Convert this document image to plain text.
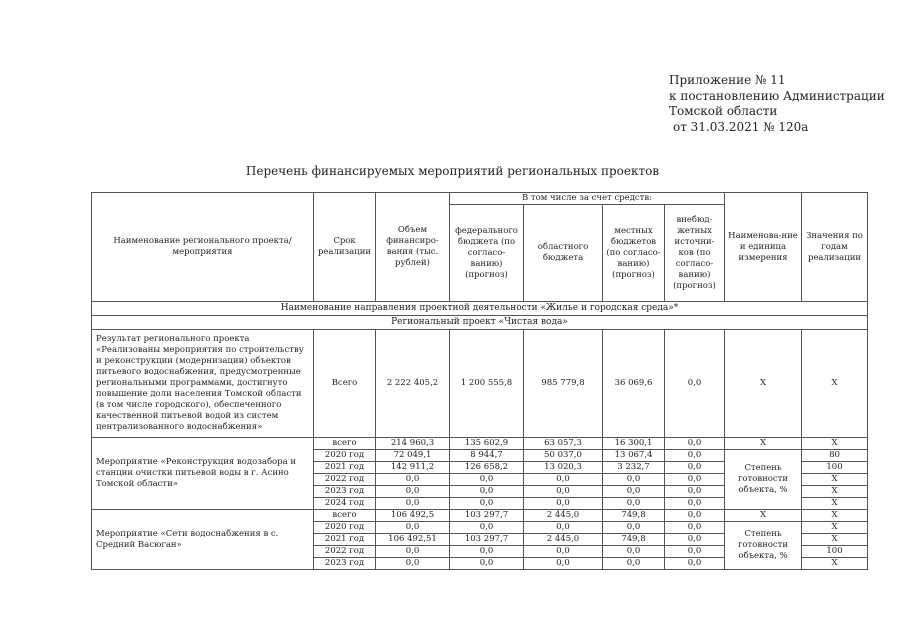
Приложение № 11
к постановлению Администрации
Томской области
от 31.03.2021 № 120а
Перечень финансируемых мероприятий региональных проектов
Наименование регионального проекта/ мероприятия	Срок реализации	Объем финансиро-вания (тыс. рублей)	В том числе за счет средств:				Наименова-ние и единица измерения	Значения по годам реализации
			федерального бюджета (по согласо-ванию) (прогноз)	областного бюджета	местных бюджетов (по согласо-ванию) (прогноз)	внебюд-жетных источни-ков (по согласо-ванию) (прогноз)		
Наименование направления проектной деятельности «Жилье и городская среда»*								
Региональный проект «Чистая вода»								
Результат регионального проекта «Реализованы мероприятия по строительству и реконструкции (модернизации) объектов питьевого водоснабжения, предусмотренные региональными программами, достигнуто повышение доли населения Томской области (в том числе городского), обеспеченного качественной питьевой водой из систем централизованного водоснабжения»	Всего	2 222 405,2	1 200 555,8	985 779,8	36 069,6	0,0	Х	Х
Мероприятие «Реконструкция водозабора и станции очистки питьевой воды в г. Асино Томской области»	всего	214 960,3	135 602,9	63 057,3	16 300,1	0,0	Х	Х
	2020 год	72 049,1	8 944,7	50 037,0	13 067,4	0,0	Степень готовности объекта, %	80
	2021 год	142 911,2	126 658,2	13 020,3	3 232,7	0,0		100
	2022 год	0,0	0,0	0,0	0,0	0,0		Х
	2023 год	0,0	0,0	0,0	0,0	0,0		Х
	2024 год	0,0	0,0	0,0	0,0	0,0		Х
Мероприятие «Сети водоснабжения в с. Средний Васюган»	всего	106 492,5	103 297,7	2 445,0	749,8	0,0	Х	Х
	2020 год	0,0	0,0	0,0	0,0	0,0	Степень готовности объекта, %	Х
	2021 год	106 492,51	103 297,7	2 445,0	749,8	0,0		Х
	2022 год	0,0	0,0	0,0	0,0	0,0		100
	2023 год	0,0	0,0	0,0	0,0	0,0		Х
